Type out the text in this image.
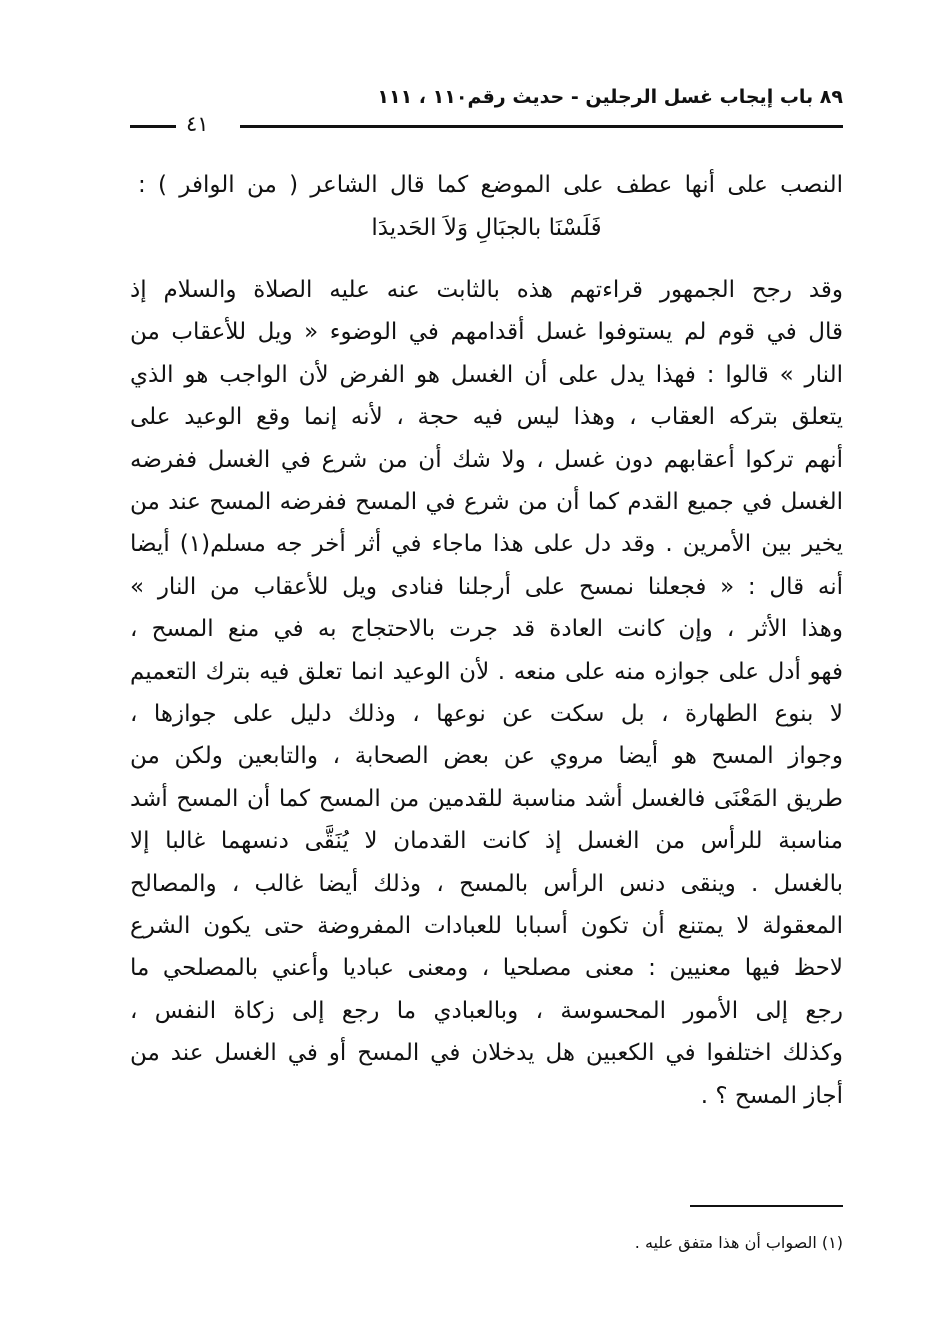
٨٩ باب إيجاب غسل الرجلين - حديث رقم١١٠ ، ١١١
٤١
النصب على أنها عطف على الموضع كما قال الشاعر ( من الوافر ) :
فَلَسْنَا بالجبَالِ وَلاَ الحَديدَا
وقد رجح الجمهور قراءتهم هذه بالثابت عنه عليه الصلاة والسلام إذ
قال في قوم لم يستوفوا غسل أقدامهم في الوضوء « ويل للأعقاب من
النار » قالوا : فهذا يدل على أن الغسل هو الفرض لأن الواجب هو الذي
يتعلق بتركه العقاب ، وهذا ليس فيه حجة ، لأنه إنما وقع الوعيد على
أنهم تركوا أعقابهم دون غسل ، ولا شك أن من شرع في الغسل ففرضه
الغسل في جميع القدم كما أن من شرع في المسح ففرضه المسح عند من
يخير بين الأمرين . وقد دل على هذا ماجاء في أثر أخر جه مسلم(١) أيضا
أنه قال : « فجعلنا نمسح على أرجلنا فنادى ويل للأعقاب من النار »
وهذا الأثر ، وإن كانت العادة قد جرت بالاحتجاج به في منع المسح ،
فهو أدل على جوازه منه على منعه . لأن الوعيد انما تعلق فيه بترك التعميم
لا بنوع الطهارة ، بل سكت عن نوعها ، وذلك دليل على جوازها ،
وجواز المسح هو أيضا مروي عن بعض الصحابة ، والتابعين ولكن من
طريق المَعْنَى فالغسل أشد مناسبة للقدمين من المسح كما أن المسح أشد
مناسبة للرأس من الغسل إذ كانت القدمان لا يُنَقَّى دنسهما غالبا إلا
بالغسل . وينقى دنس الرأس بالمسح ، وذلك أيضا غالب ، والمصالح
المعقولة لا يمتنع أن تكون أسبابا للعبادات المفروضة حتى يكون الشرع
لاحظ فيها معنيين : معنى مصلحيا ، ومعنى عباديا وأعني بالمصلحي ما
رجع إلى الأمور المحسوسة ، وبالعبادي ما رجع إلى زكاة النفس ،
وكذلك اختلفوا في الكعبين هل يدخلان في المسح أو في الغسل عند من
أجاز المسح ؟ .
(١) الصواب أن هذا متفق عليه .
